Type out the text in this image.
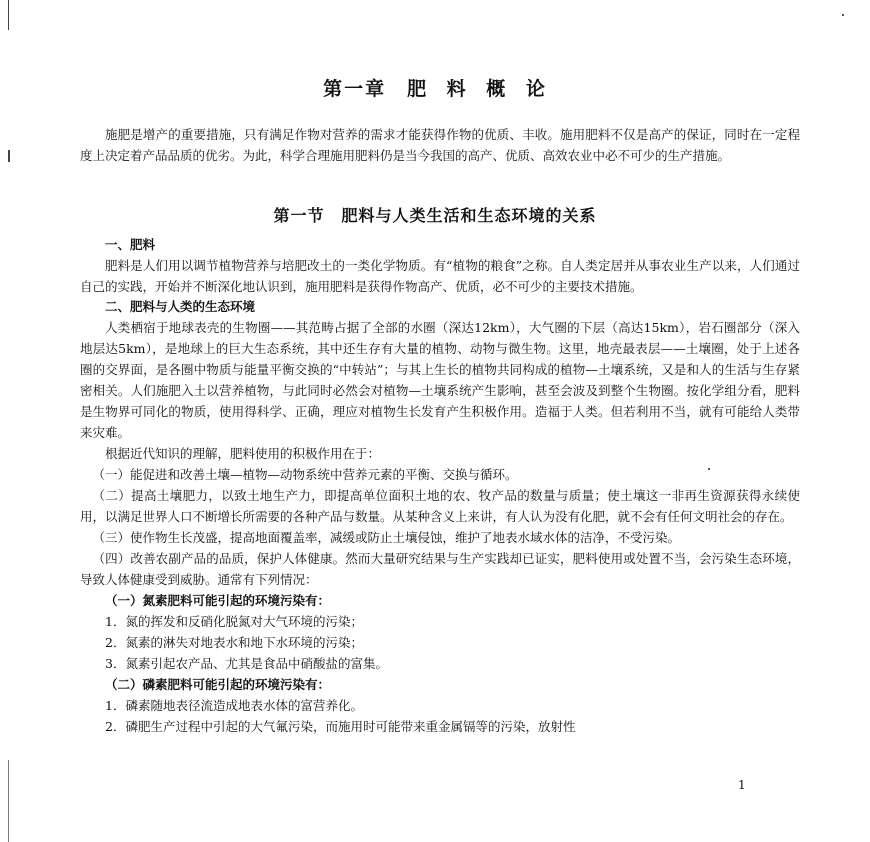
第一章　肥 料 概 论

施肥是增产的重要措施，只有满足作物对营养的需求才能获得作物的优质、丰收。施用肥料不仅是高产的保证，同时在一定程度上决定着产品品质的优劣。为此，科学合理施用肥料仍是当今我国的高产、优质、高效农业中必不可少的生产措施。

第一节　肥料与人类生活和生态环境的关系

一、肥料

肥料是人们用以调节植物营养与培肥改土的一类化学物质。有“植物的粮食”之称。自人类定居并从事农业生产以来，人们通过自己的实践，开始并不断深化地认识到，施用肥料是获得作物高产、优质，必不可少的主要技术措施。

二、肥料与人类的生态环境

人类栖宿于地球表壳的生物圈——其范畴占据了全部的水圈（深达12km），大气圈的下层（高达15km），岩石圈部分（深入地层达5km），是地球上的巨大生态系统，其中还生存有大量的植物、动物与微生物。这里，地壳最表层——土壤圈，处于上述各圈的交界面，是各圈中物质与能量平衡交换的“中转站”；与其上生长的植物共同构成的植物—土壤系统，又是和人的生活与生存紧密相关。人们施肥入土以营养植物，与此同时必然会对植物—土壤系统产生影响，甚至会波及到整个生物圈。按化学组分看，肥料是生物界可同化的物质，使用得科学、正确，理应对植物生长发育产生积极作用。造福于人类。但若利用不当，就有可能给人类带来灾难。

根据近代知识的理解，肥料使用的积极作用在于：

（一）能促进和改善土壤—植物—动物系统中营养元素的平衡、交换与循环。

（二）提高土壤肥力，以致土地生产力，即提高单位面积土地的农、牧产品的数量与质量；使土壤这一非再生资源获得永续使用，以满足世界人口不断增长所需要的各种产品与数量。从某种含义上来讲，有人认为没有化肥，就不会有任何文明社会的存在。

（三）使作物生长茂盛，提高地面覆盖率，减缓或防止土壤侵蚀，维护了地表水域水体的洁净，不受污染。

（四）改善农副产品的品质，保护人体健康。然而大量研究结果与生产实践却已证实，肥料使用或处置不当，会污染生态环境，导致人体健康受到威胁。通常有下列情况：

（一）氮素肥料可能引起的环境污染有：

1．氮的挥发和反硝化脱氮对大气环境的污染；

2．氮素的淋失对地表水和地下水环境的污染；

3．氮素引起农产品、尤其是食品中硝酸盐的富集。

（二）磷素肥料可能引起的环境污染有：

1．磷素随地表径流造成地表水体的富营养化。

2．磷肥生产过程中引起的大气氟污染，而施用时可能带来重金属镉等的污染，放射性

1
